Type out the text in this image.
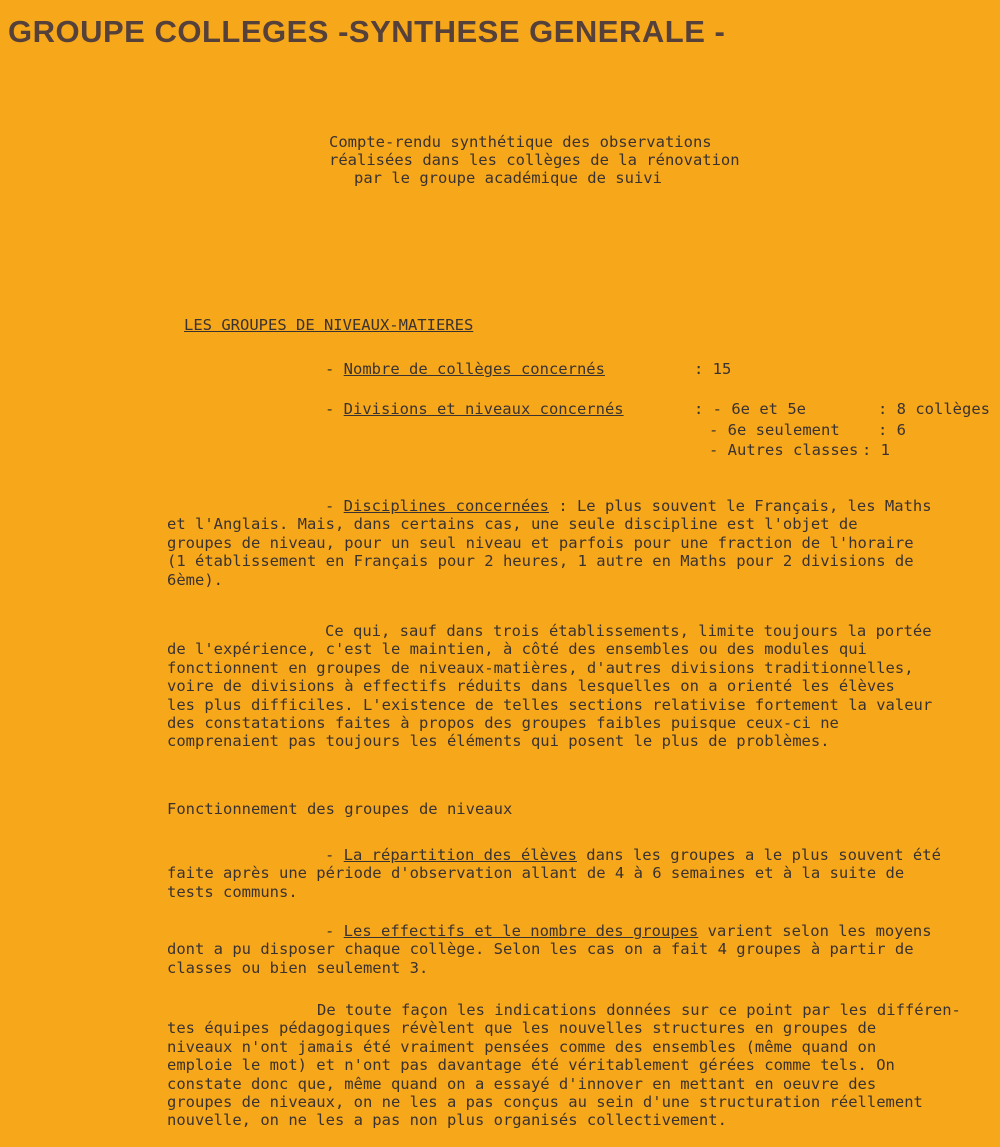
GROUPE COLLEGES -SYNTHESE GENERALE -
Compte-rendu synthétique des observations
réalisées dans les collèges de la rénovation
par le groupe académique de suivi
LES GROUPES DE NIVEAUX-MATIERES
- Nombre de collèges concernés	: 15
- Divisions et niveaux concernés	: - 6e et 5e	: 8 collèges
- 6e seulement : 6
- Autres classes : 1
- Disciplines concernées : Le plus souvent le Français, les Maths
et l'Anglais. Mais, dans certains cas, une seule discipline est l'objet de
groupes de niveau, pour un seul niveau et parfois pour une fraction de l'horaire
(1 établissement en Français pour 2 heures, 1 autre en Maths pour 2 divisions de
6ème).
Ce qui, sauf dans trois établissements, limite toujours la portée
de l'expérience, c'est le maintien, à côté des ensembles ou des modules qui
fonctionnent en groupes de niveaux-matières, d'autres divisions traditionnelles,
voire de divisions à effectifs réduits dans lesquelles on a orienté les élèves
les plus difficiles. L'existence de telles sections relativise fortement la valeur
des constatations faites à propos des groupes faibles puisque ceux-ci ne
comprenaient pas toujours les éléments qui posent le plus de problèmes.
Fonctionnement des groupes de niveaux
- La répartition des élèves dans les groupes a le plus souvent été
faite après une période d'observation allant de 4 à 6 semaines et à la suite de
tests communs.
- Les effectifs et le nombre des groupes varient selon les moyens
dont a pu disposer chaque collège. Selon les cas on a fait 4 groupes à partir de
classes ou bien seulement 3.
De toute façon les indications données sur ce point par les différen-
tes équipes pédagogiques révèlent que les nouvelles structures en groupes de
niveaux n'ont jamais été vraiment pensées comme des ensembles (même quand on
emploie le mot) et n'ont pas davantage été véritablement gérées comme tels. On
constate donc que, même quand on a essayé d'innover en mettant en oeuvre des
groupes de niveaux, on ne les a pas conçus au sein d'une structuration réellement
nouvelle, on ne les a pas non plus organisés collectivement.
